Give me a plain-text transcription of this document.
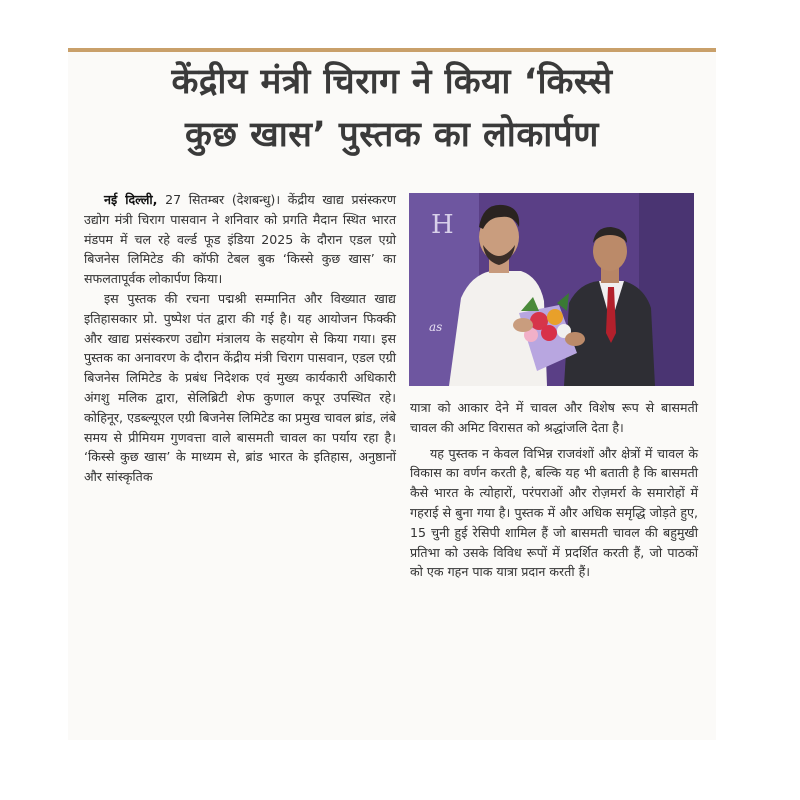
केंद्रीय मंत्री चिराग ने किया ‘किस्से
कुछ खास’ पुस्तक का लोकार्पण

नई दिल्ली, 27 सितम्बर (देशबन्धु)। केंद्रीय खाद्य प्रसंस्करण उद्योग मंत्री चिराग पासवान ने शनिवार को प्रगति मैदान स्थित भारत मंडपम में चल रहे वर्ल्ड फूड इंडिया 2025 के दौरान एडल एग्रो बिजनेस लिमिटेड की कॉफी टेबल बुक ‘किस्से कुछ खास’ का सफलतापूर्वक लोकार्पण किया।

इस पुस्तक की रचना पद्मश्री सम्मानित और विख्यात खाद्य इतिहासकार प्रो. पुष्पेश पंत द्वारा की गई है। यह आयोजन फिक्की और खाद्य प्रसंस्करण उद्योग मंत्रालय के सहयोग से किया गया। इस पुस्तक का अनावरण के दौरान केंद्रीय मंत्री चिराग पासवान, एडल एग्री बिजनेस लिमिटेड के प्रबंध निदेशक एवं मुख्य कार्यकारी अधिकारी अंगशु मलिक द्वारा, सेलिब्रिटी शेफ कुणाल कपूर उपस्थित रहे। कोहिनूर, एडब्ल्यूएल एग्री बिजनेस लिमिटेड का प्रमुख चावल ब्रांड, लंबे समय से प्रीमियम गुणवत्ता वाले बासमती चावल का पर्याय रहा है। ‘किस्से कुछ खास’ के माध्यम से, ब्रांड भारत के इतिहास, अनुष्ठानों और सांस्कृतिक

H
as

यात्रा को आकार देने में चावल और विशेष रूप से बासमती चावल की अमिट विरासत को श्रद्धांजलि देता है।

यह पुस्तक न केवल विभिन्न राजवंशों और क्षेत्रों में चावल के विकास का वर्णन करती है, बल्कि यह भी बताती है कि बासमती कैसे भारत के त्योहारों, परंपराओं और रोज़मर्रा के समारोहों में गहराई से बुना गया है। पुस्तक में और अधिक समृद्धि जोड़ते हुए, 15 चुनी हुई रेसिपी शामिल हैं जो बासमती चावल की बहुमुखी प्रतिभा को उसके विविध रूपों में प्रदर्शित करती हैं, जो पाठकों को एक गहन पाक यात्रा प्रदान करती हैं।
